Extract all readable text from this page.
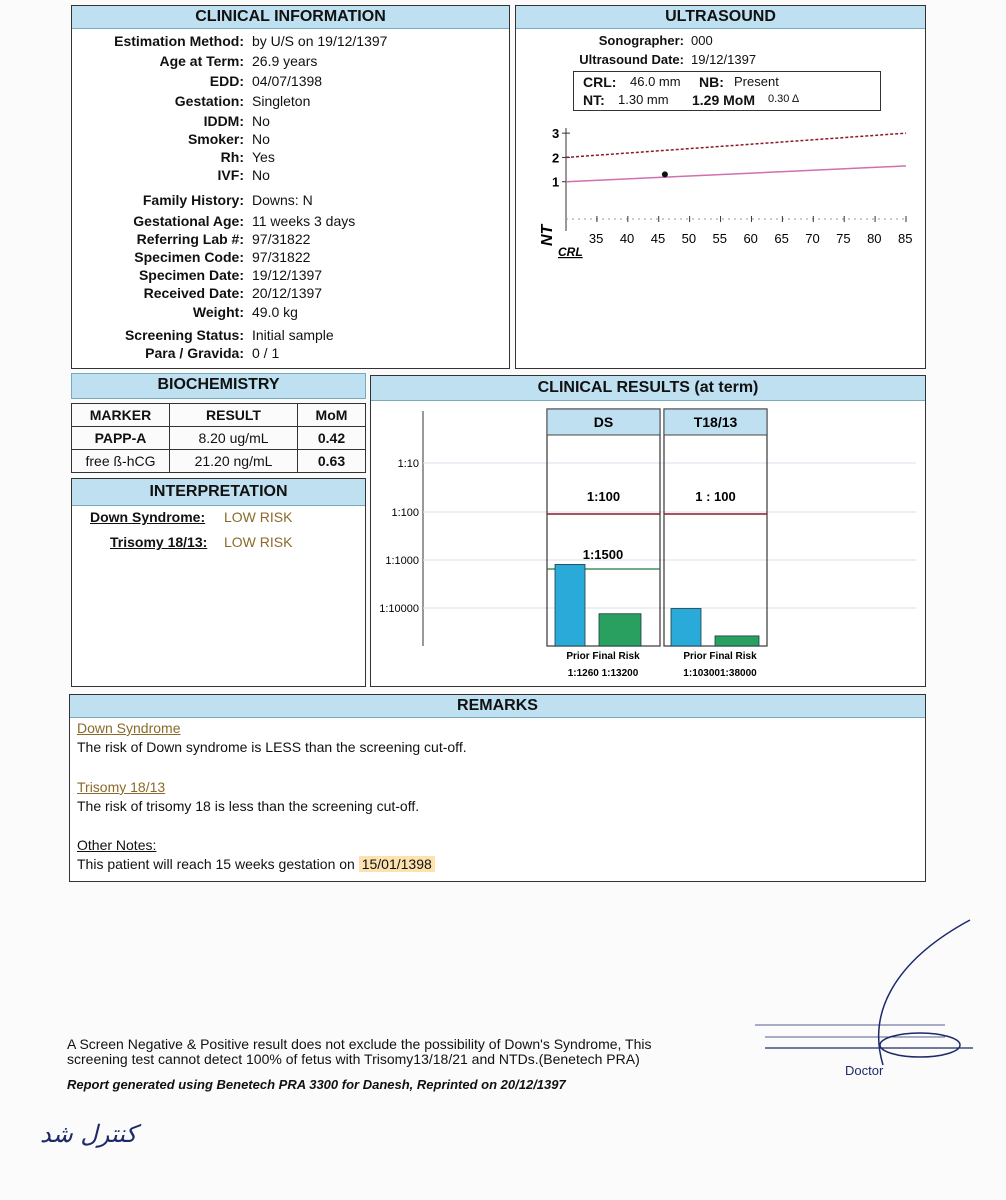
CLINICAL INFORMATION
Estimation Method: by U/S on 19/12/1397
Age at Term: 26.9 years
EDD: 04/07/1398
Gestation: Singleton
IDDM: No
Smoker: No
Rh: Yes
IVF: No
Family History: Downs: N
Gestational Age: 11 weeks 3 days
Referring Lab #: 97/31822
Specimen Code: 97/31822
Specimen Date: 19/12/1397
Received Date: 20/12/1397
Weight: 49.0 kg
Screening Status: Initial sample
Para / Gravida: 0 / 1
ULTRASOUND
Sonographer: 000
Ultrasound Date: 19/12/1397
CRL: 46.0 mm NB: Present
NT: 1.30 mm 1.29 MoM 0.30 Δ
1
2
3
35 40 45 50 55 60 65 70 75 80 85
NT
CRL
BIOCHEMISTRY
MARKER	RESULT	MoM
PAPP-A	8.20 ug/mL	0.42
free ß-hCG	21.20 ng/mL	0.63
INTERPRETATION
Down Syndrome: LOW RISK
Trisomy 18/13: LOW RISK
CLINICAL RESULTS (at term)
1:10
1:100
1:1000
1:10000
DS
1:100
T18/13
1 : 100
1:1500
Prior Final Risk
1:1260 1:13200
Prior Final Risk
1:103001:38000
REMARKS
Down Syndrome
The risk of Down syndrome is LESS than the screening cut-off.
Trisomy 18/13
The risk of trisomy 18 is less than the screening cut-off.
Other Notes:
This patient will reach 15 weeks gestation on 15/01/1398
A Screen Negative & Positive result does not exclude the possibility of Down's Syndrome, This
screening test cannot detect 100% of fetus with Trisomy13/18/21 and NTDs.(Benetech PRA)
Report generated using Benetech PRA 3300 for Danesh, Reprinted on 20/12/1397
Doctor
کنترل شد
